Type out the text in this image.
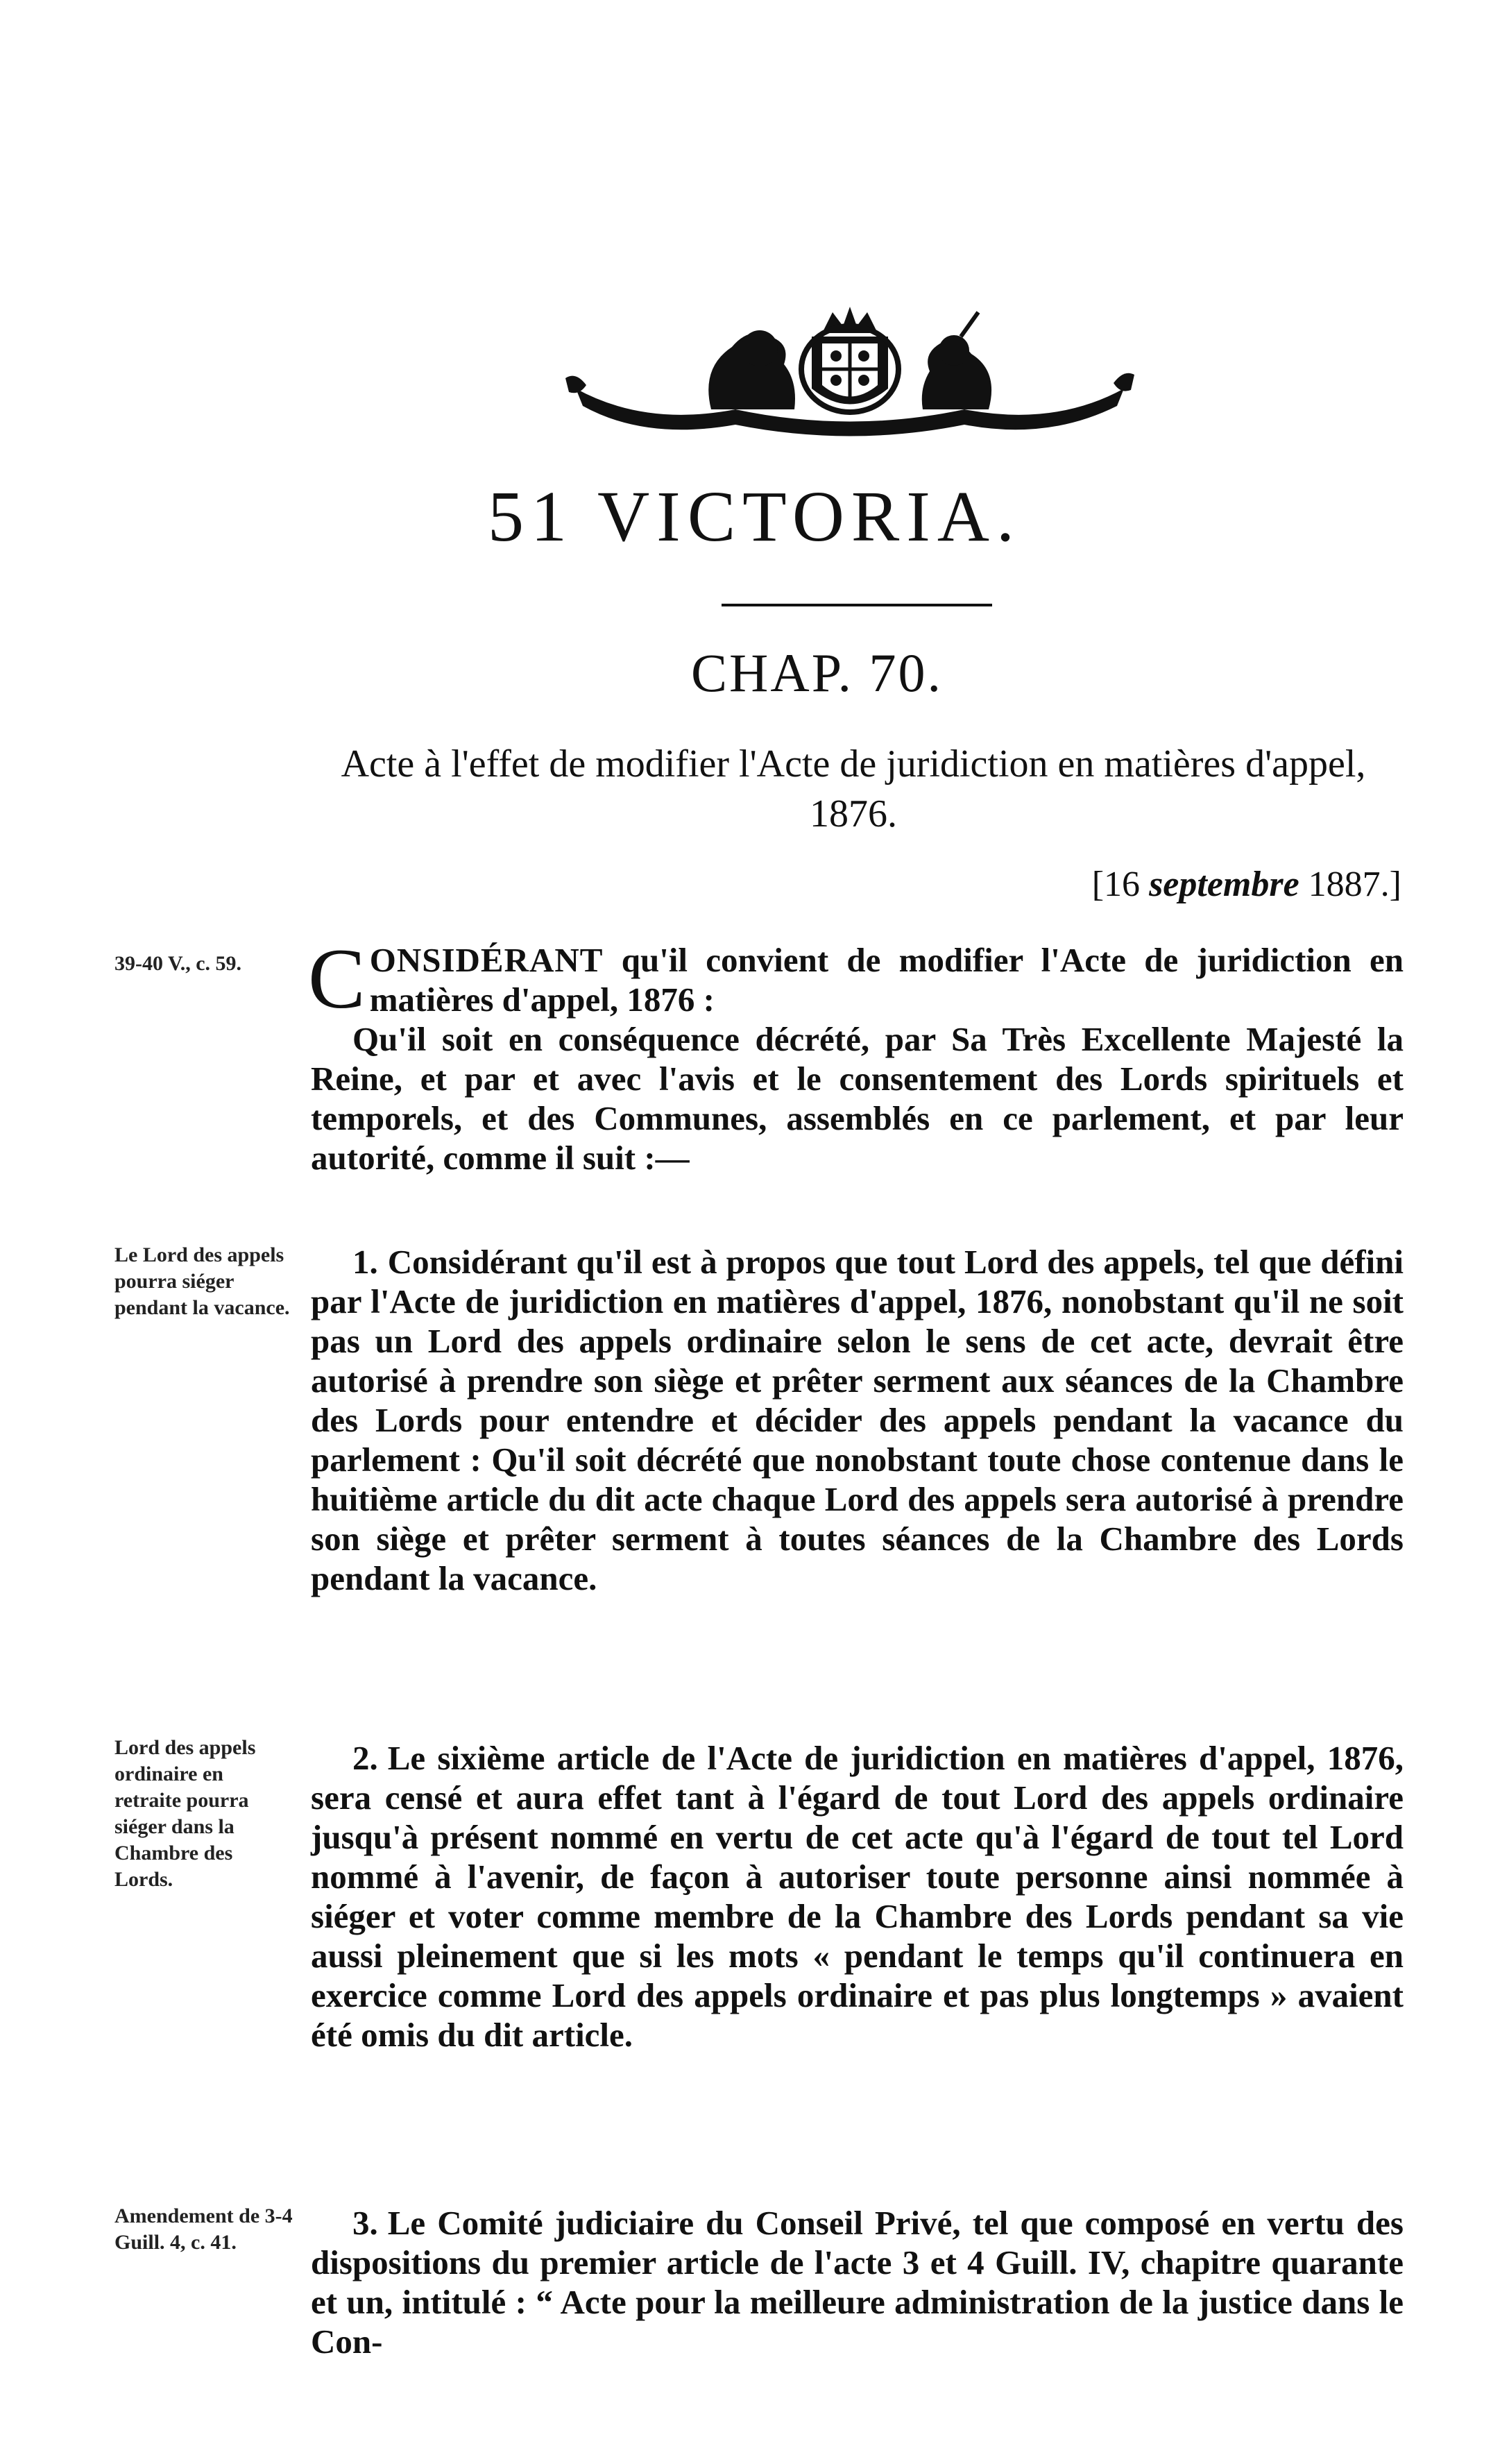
51 VICTORIA.
CHAP. 70.
Acte à l'effet de modifier l'Acte de juridiction en matières d'appel, 1876.
[16 septembre 1887.]
39-40 V., c. 59.
Le Lord des appels pourra siéger pendant la vacance.
Lord des appels ordinaire en retraite pourra siéger dans la Chambre des Lords.
Amendement de 3-4 Guill. 4, c. 41.
CONSIDÉRANT qu'il convient de modifier l'Acte de juridiction en matières d'appel, 1876 :
Qu'il soit en conséquence décrété, par Sa Très Excellente Majesté la Reine, et par et avec l'avis et le consentement des Lords spirituels et temporels, et des Communes, assemblés en ce parlement, et par leur autorité, comme il suit :—
1. Considérant qu'il est à propos que tout Lord des appels, tel que défini par l'Acte de juridiction en matières d'appel, 1876, nonobstant qu'il ne soit pas un Lord des appels ordinaire selon le sens de cet acte, devrait être autorisé à prendre son siège et prêter serment aux séances de la Chambre des Lords pour entendre et décider des appels pendant la vacance du parlement : Qu'il soit décrété que nonobstant toute chose contenue dans le huitième article du dit acte chaque Lord des appels sera autorisé à prendre son siège et prêter serment à toutes séances de la Chambre des Lords pendant la vacance.
2. Le sixième article de l'Acte de juridiction en matières d'appel, 1876, sera censé et aura effet tant à l'égard de tout Lord des appels ordinaire jusqu'à présent nommé en vertu de cet acte qu'à l'égard de tout tel Lord nommé à l'avenir, de façon à autoriser toute personne ainsi nommée à siéger et voter comme membre de la Chambre des Lords pendant sa vie aussi pleinement que si les mots « pendant le temps qu'il continuera en exercice comme Lord des appels ordinaire et pas plus longtemps » avaient été omis du dit article.
3. Le Comité judiciaire du Conseil Privé, tel que composé en vertu des dispositions du premier article de l'acte 3 et 4 Guill. IV, chapitre quarante et un, intitulé : “ Acte pour la meilleure administration de la justice dans le Con-
